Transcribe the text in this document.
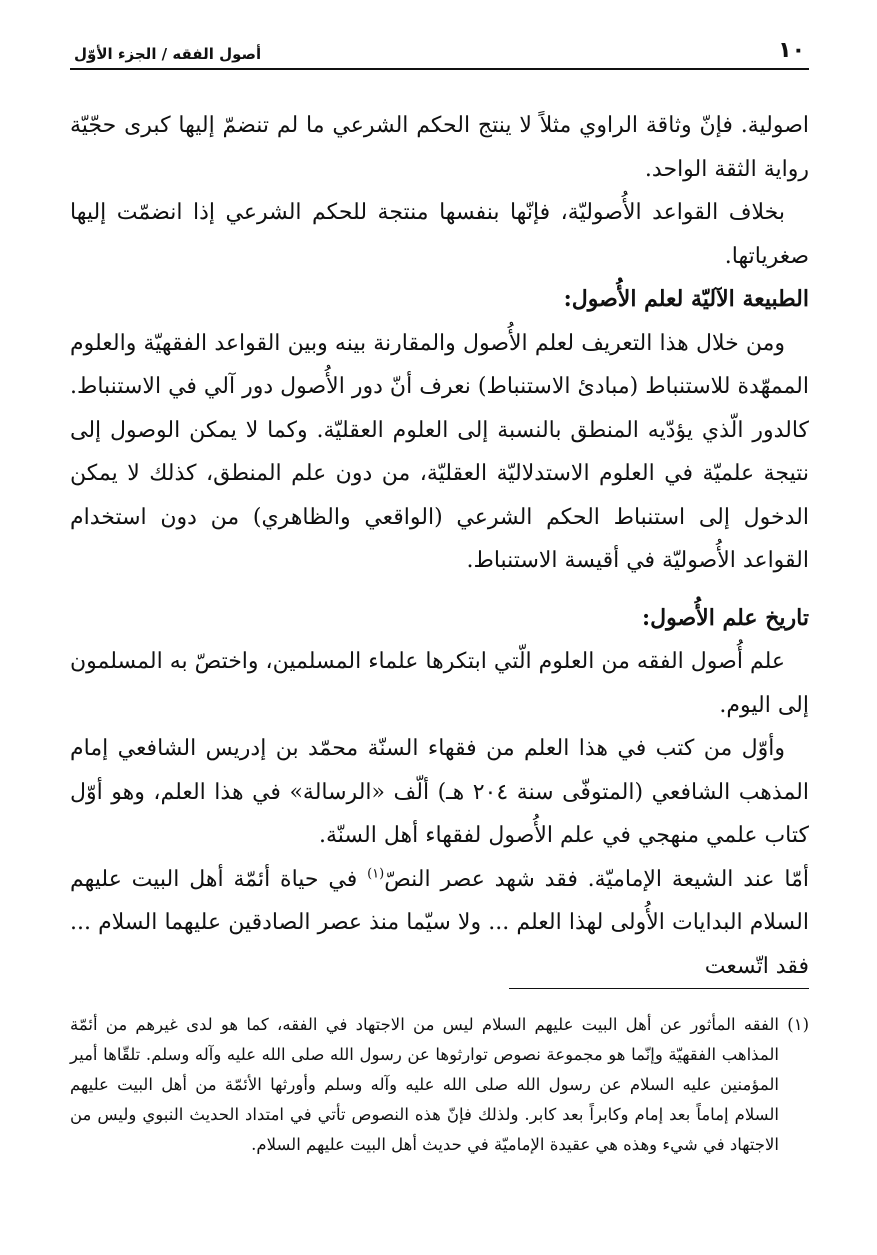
١٠
أصول الفقه / الجزء الأوّل

اصولية. فإنّ وثاقة الراوي مثلاً لا ينتج الحكم الشرعي ما لم تنضمّ إليها كبرى حجّيّة رواية الثقة الواحد.

بخلاف القواعد الأُصوليّة، فإنّها بنفسها منتجة للحكم الشرعي إذا انضمّت إليها صغرياتها.

الطبيعة الآليّة لعلم الأُصول:

ومن خلال هذا التعريف لعلم الأُصول والمقارنة بينه وبين القواعد الفقهيّة والعلوم الممهّدة للاستنباط (مبادئ الاستنباط) نعرف أنّ دور الأُصول دور آلي في الاستنباط. كالدور الّذي يؤدّيه المنطق بالنسبة إلى العلوم العقليّة. وكما لا يمكن الوصول إلى نتيجة علميّة في العلوم الاستدلاليّة العقليّة، من دون علم المنطق، كذلك لا يمكن الدخول إلى استنباط الحكم الشرعي (الواقعي والظاهري) من دون استخدام القواعد الأُصوليّة في أقيسة الاستنباط.

تاريخ علم الأُصول:

علم أُصول الفقه من العلوم الّتي ابتكرها علماء المسلمين، واختصّ به المسلمون إلى اليوم.

وأوّل من كتب في هذا العلم من فقهاء السنّة محمّد بن إدريس الشافعي إمام المذهب الشافعي (المتوفّى سنة ٢٠٤ هـ) ألّف «الرسالة» في هذا العلم، وهو أوّل كتاب علمي منهجي في علم الأُصول لفقهاء أهل السنّة.

أمّا عند الشيعة الإماميّة. فقد شهد عصر النصّ$^{(١)}$ في حياة أئمّة أهل البيت عليهم السلام البدايات الأُولى لهذا العلم ... ولا سيّما منذ عصر الصادقين عليهما السلام ... فقد اتّسعت

(١)الفقه المأثور عن أهل البيت عليهم السلام ليس من الاجتهاد في الفقه، كما هو لدى غيرهم من أئمّة المذاهب الفقهيّة وإنّما هو مجموعة نصوص توارثوها عن رسول الله صلى الله عليه وآله وسلم. تلقّاها أمير المؤمنين عليه السلام عن رسول الله صلى الله عليه وآله وسلم وأورثها الأئمّة من أهل البيت عليهم السلام إماماً بعد إمام وكابراً بعد كابر. ولذلك فإنّ هذه النصوص تأتي في امتداد الحديث النبوي وليس من الاجتهاد في شيء وهذه هي عقيدة الإماميّة في حديث أهل البيت عليهم السلام.
